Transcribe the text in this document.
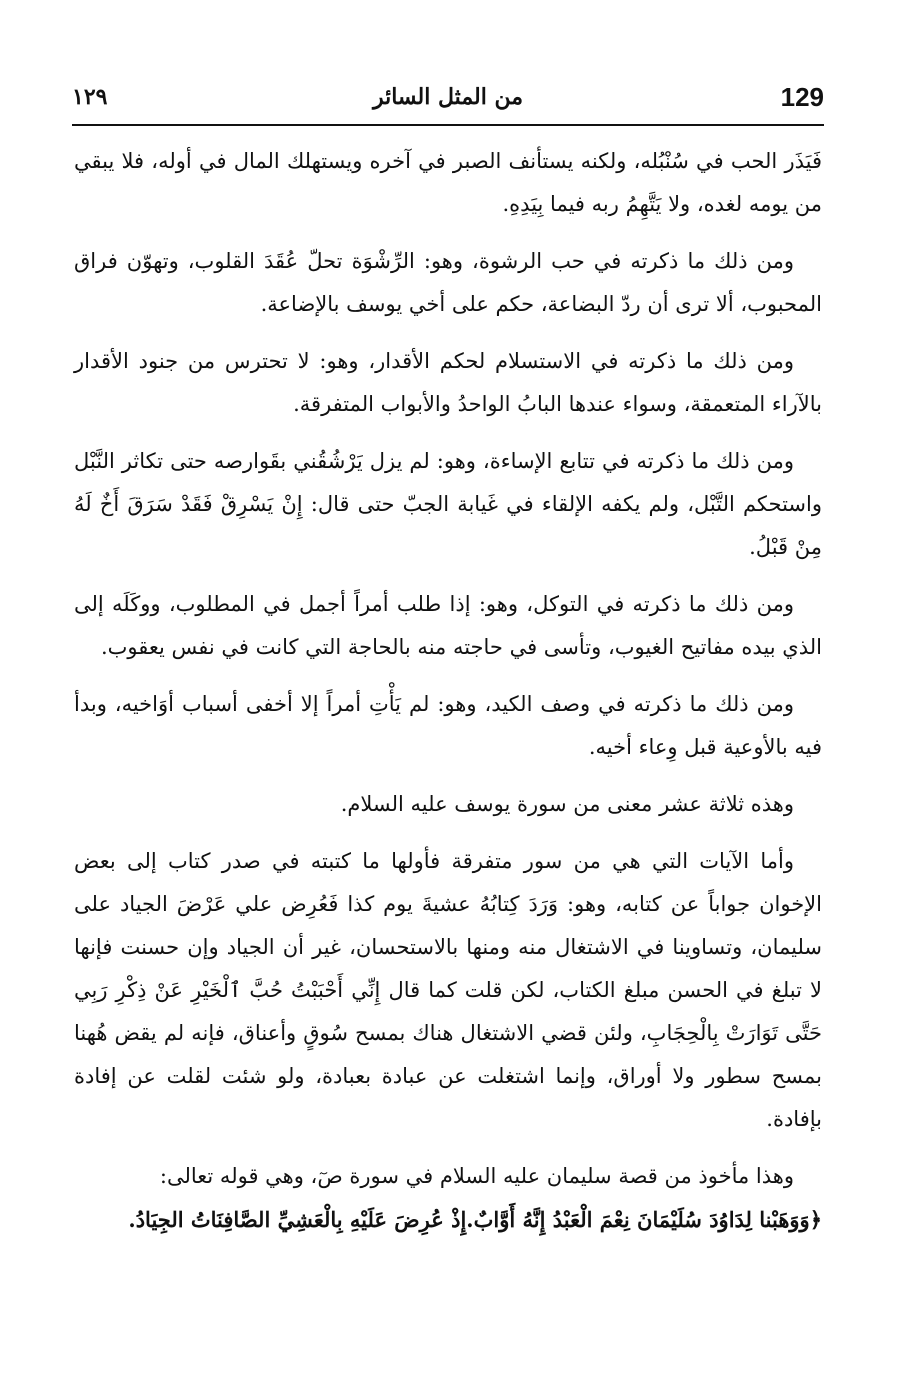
129
من المثل السائر
١٢٩

فَيَذَر الحب في سُنْبُله، ولكنه يستأنف الصبر في آخره ويستهلك المال في أوله، فلا يبقي من يومه لغده، ولا يَتَّهِمُ ربه فيما بِيَدِهِ.

ومن ذلك ما ذكرته في حب الرشوة، وهو: الرِّشْوَة تحلّ عُقَدَ القلوب، وتهوّن فراق المحبوب، ألا ترى أن ردّ البضاعة، حكم على أخي يوسف بالإضاعة.

ومن ذلك ما ذكرته في الاستسلام لحكم الأقدار، وهو: لا تحترس من جنود الأقدار بالآراء المتعمقة، وسواء عندها البابُ الواحدُ والأبواب المتفرقة.

ومن ذلك ما ذكرته في تتابع الإساءة، وهو: لم يزل يَرْشُقُني بقَوارصه حتى تكاثر النَّبْل واستحكم التَّبْل، ولم يكفه الإلقاء في غَيابة الجبّ حتى قال: إِنْ يَسْرِقْ فَقَدْ سَرَقَ أَخٌ لَهُ مِنْ قَبْلُ.

ومن ذلك ما ذكرته في التوكل، وهو: إذا طلب أمراً أجمل في المطلوب، ووكَلَه إلى الذي بيده مفاتيح الغيوب، وتأسى في حاجته منه بالحاجة التي كانت في نفس يعقوب.

ومن ذلك ما ذكرته في وصف الكيد، وهو: لم يَأْتِ أمراً إلا أخفى أسباب أوَاخيه، وبدأ فيه بالأوعية قبل وِعاء أخيه.

وهذه ثلاثة عشر معنى من سورة يوسف عليه السلام.

وأما الآيات التي هي من سور متفرقة فأولها ما كتبته في صدر كتاب إلى بعض الإخوان جواباً عن كتابه، وهو: وَرَدَ كِتابُهُ عشيةَ يوم كذا فَعُرِض علي عَرْضَ الجياد على سليمان، وتساوينا في الاشتغال منه ومنها بالاستحسان، غير أن الجياد وإن حسنت فإنها لا تبلغ في الحسن مبلغ الكتاب، لكن قلت كما قال إِنِّي أَحْبَبْتُ حُبَّ ٱلْخَيْرِ عَنْ ذِكْرِ رَبِي حَتَّى تَوَارَتْ بِالْحِجَابِ، ولئن قضي الاشتغال هناك بمسح سُوقٍ وأعناق، فإنه لم يقض هُهنا بمسح سطور ولا أوراق، وإنما اشتغلت عن عبادة بعبادة، ولو شئت لقلت عن إفادة بإفادة.

وهذا مأخوذ من قصة سليمان عليه السلام في سورة صٓ، وهي قوله تعالى:

﴿وَوَهَبْنا لِدَاوُدَ سُلَيْمَانَ نِعْمَ الْعَبْدُ إِنَّهُ أَوَّابٌ.إِذْ عُرِضَ عَلَيْهِ بِالْعَشِيِّ الصَّافِنَاتُ الجِيَادُ.
